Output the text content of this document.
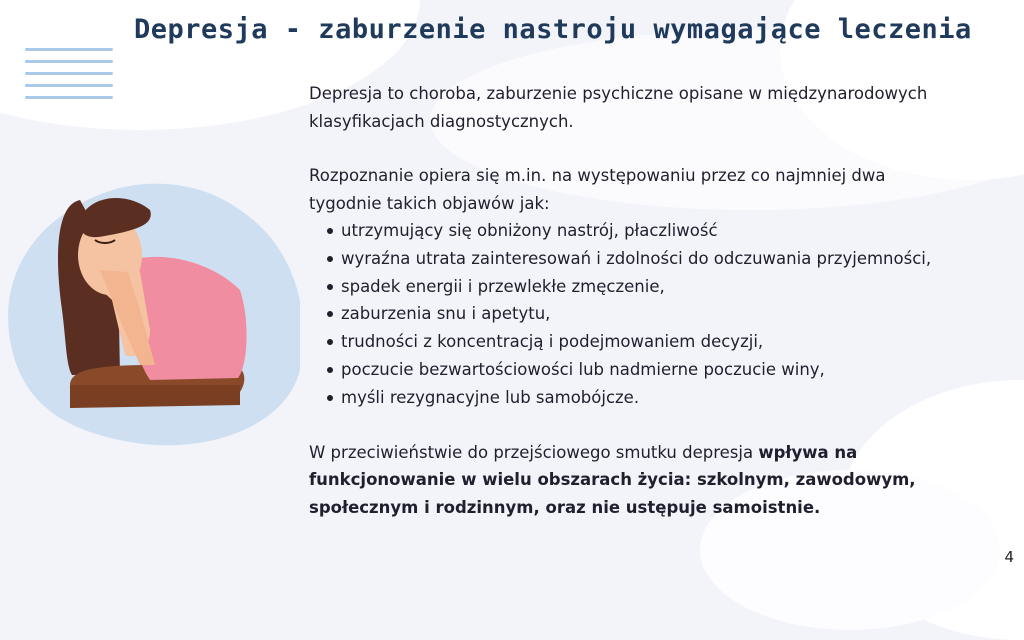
Depresja - zaburzenie nastroju wymagające leczenia

Depresja to choroba, zaburzenie psychiczne opisane w międzynarodowych klasyfikacjach diagnostycznych.

Rozpoznanie opiera się m.in. na występowaniu przez co najmniej dwa tygodnie takich objawów jak:

utrzymujący się obniżony nastrój, płaczliwość
wyraźna utrata zainteresowań i zdolności do odczuwania przyjemności,
spadek energii i przewlekłe zmęczenie,
zaburzenia snu i apetytu,
trudności z koncentracją i podejmowaniem decyzji,
poczucie bezwartościowości lub nadmierne poczucie winy,
myśli rezygnacyjne lub samobójcze.

W przeciwieństwie do przejściowego smutku depresja wpływa na funkcjonowanie w wielu obszarach życia: szkolnym, zawodowym, społecznym i rodzinnym, oraz nie ustępuje samoistnie.

4
